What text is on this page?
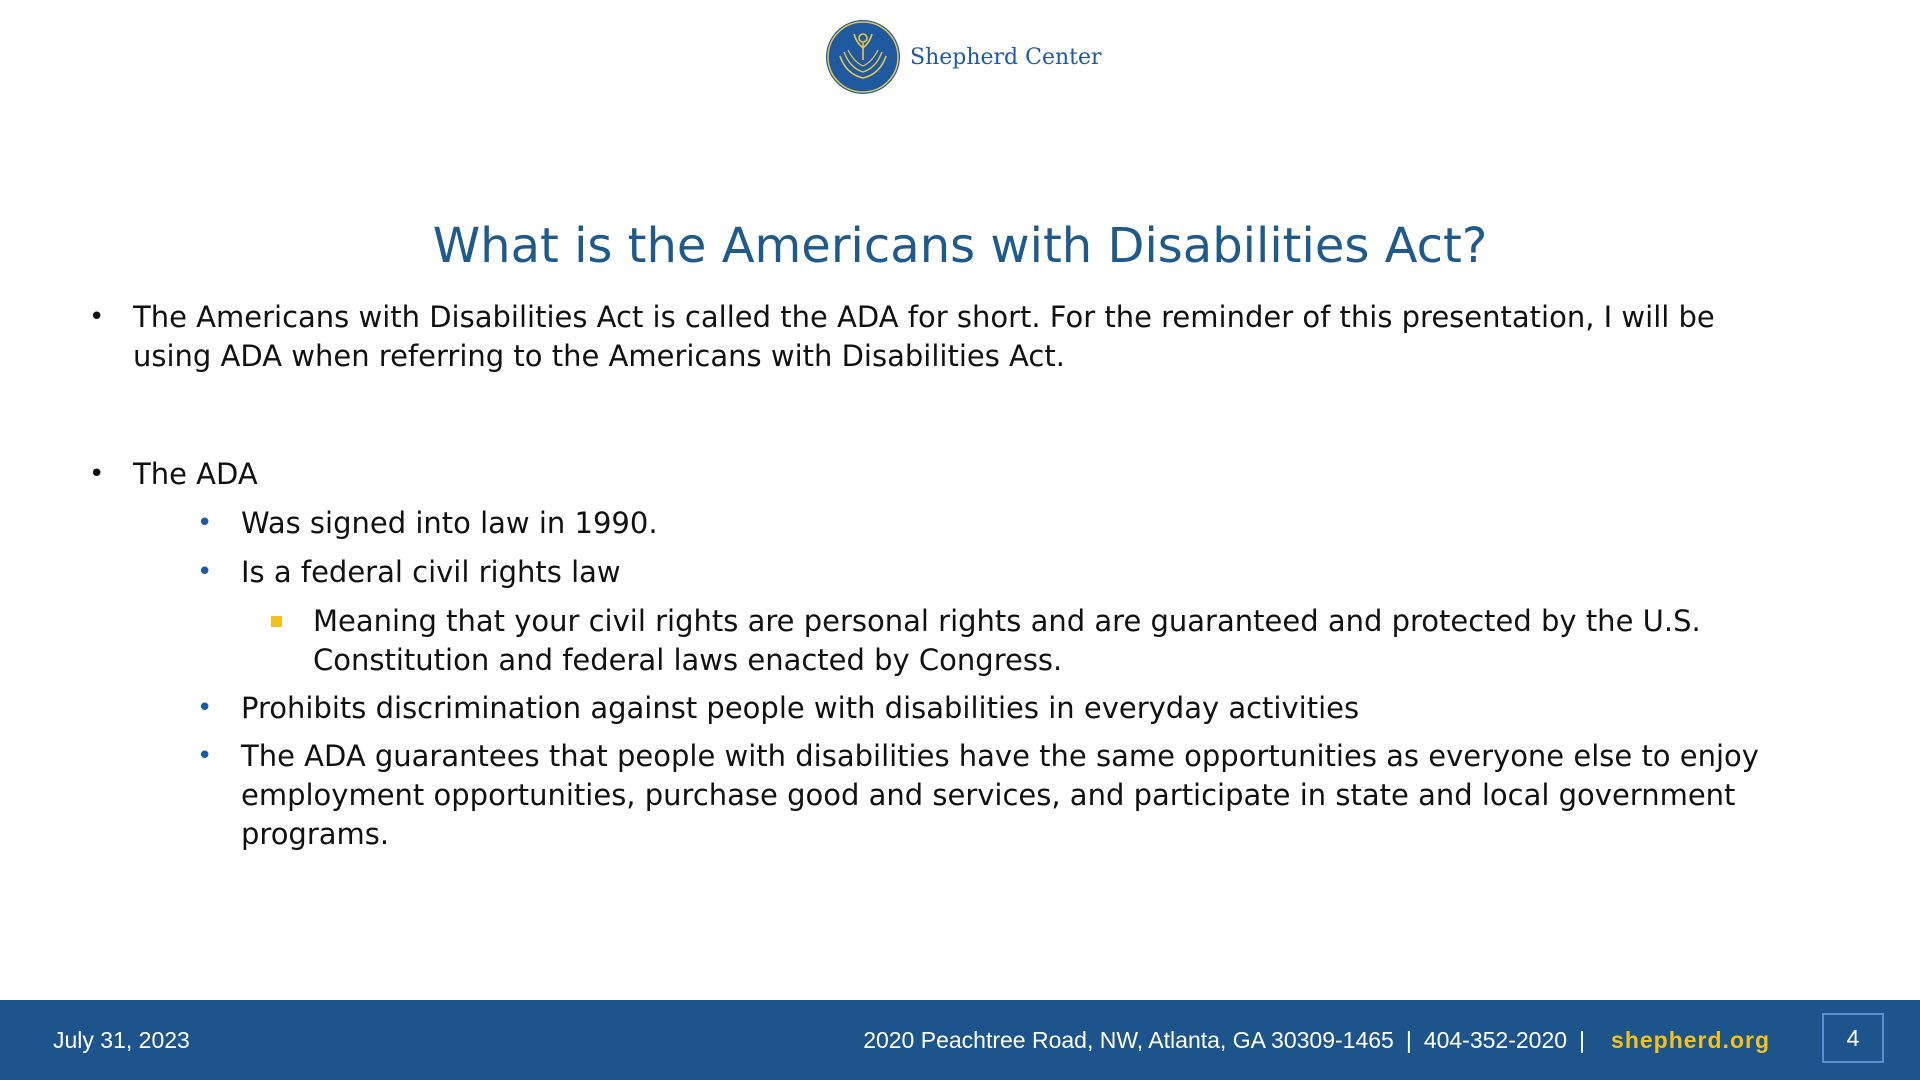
Shepherd Center
What is the Americans with Disabilities Act?
• The Americans with Disabilities Act is called the ADA for short. For the reminder of this presentation, I will be
using ADA when referring to the Americans with Disabilities Act.
• The ADA
• Was signed into law in 1990.
• Is a federal civil rights law
Meaning that your civil rights are personal rights and are guaranteed and protected by the U.S.
Constitution and federal laws enacted by Congress.
• Prohibits discrimination against people with disabilities in everyday activities
• The ADA guarantees that people with disabilities have the same opportunities as everyone else to enjoy
employment opportunities, purchase good and services, and participate in state and local government
programs.
July 31, 2023	2020 Peachtree Road, NW, Atlanta, GA 30309-1465 | 404-352-2020 | shepherd.org	4
